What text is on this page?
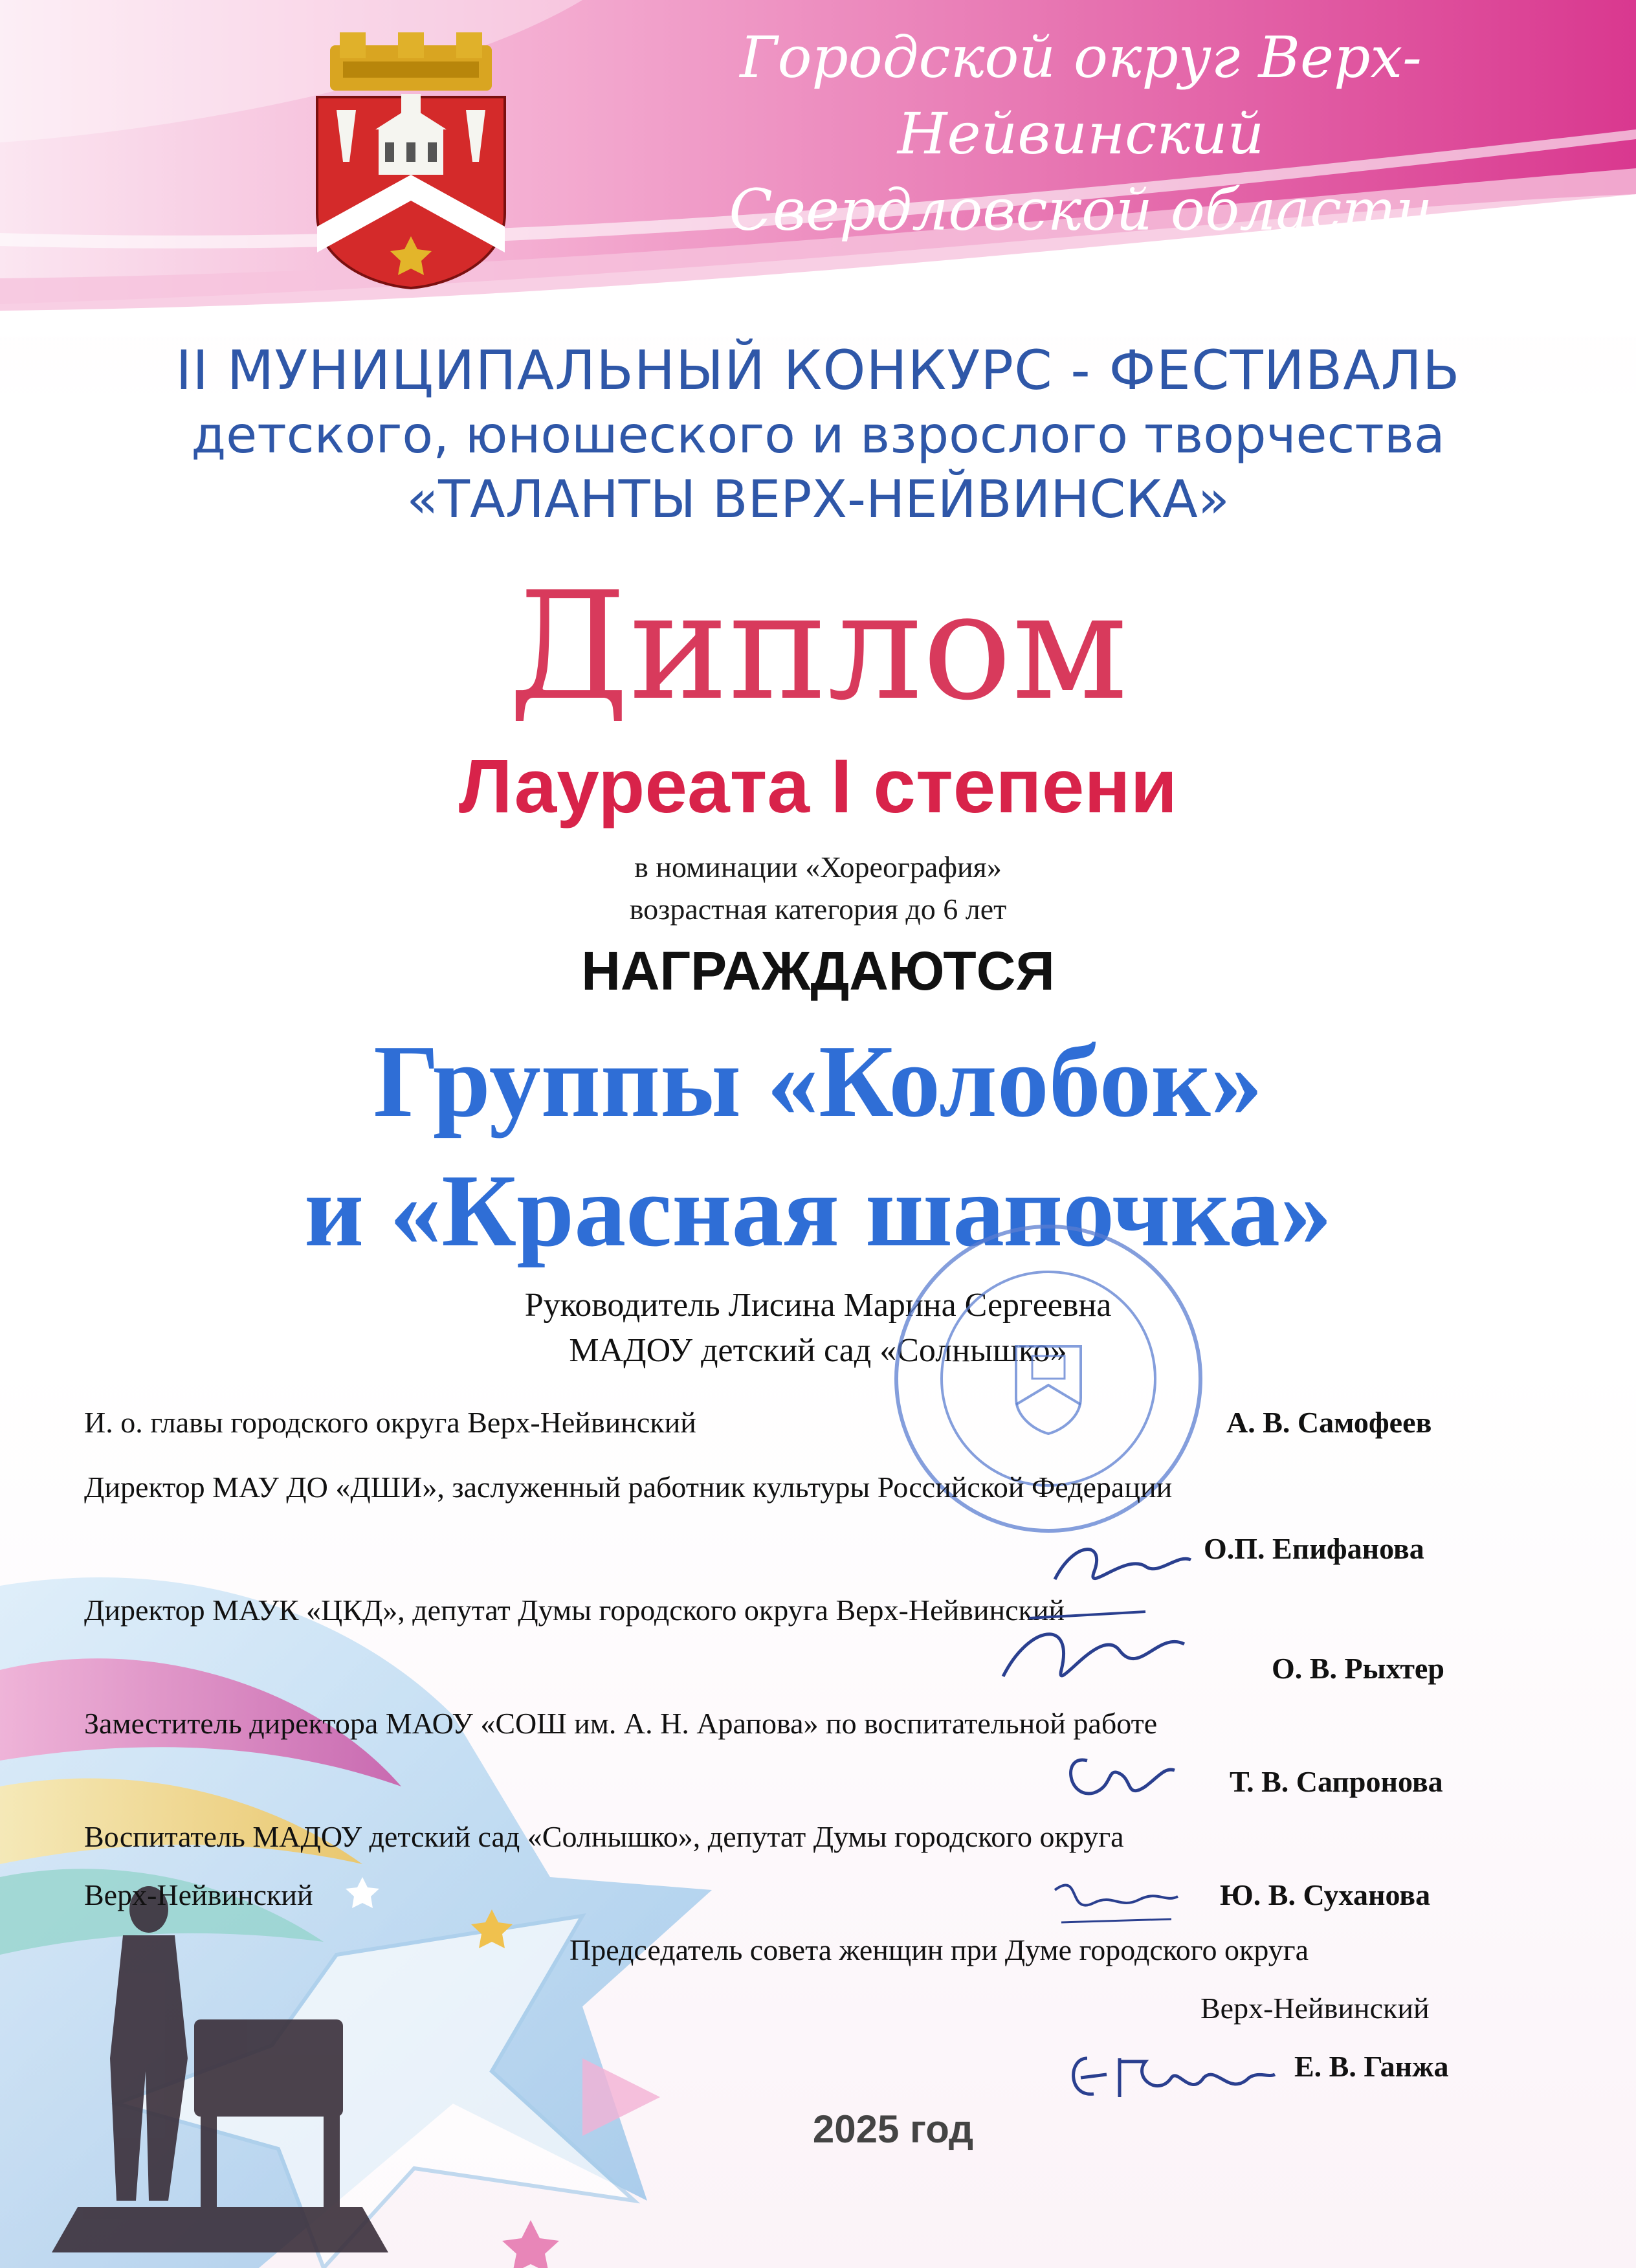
Городской округ Верх-Нейвинский
Свердловской области
II МУНИЦИПАЛЬНЫЙ КОНКУРС - ФЕСТИВАЛЬ
детского, юношеского и взрослого творчества
«ТАЛАНТЫ ВЕРХ-НЕЙВИНСКА»
Диплом
Лауреата I степени
в номинации «Хореография»
возрастная категория до 6 лет
НАГРАЖДАЮТСЯ
Группы «Колобок»
и «Красная шапочка»
Руководитель Лисина Марина Сергеевна
МАДОУ детский сад «Солнышко»
И. о. главы городского округа Верх-Нейвинский	А. В. Самофеев
Директор МАУ ДО «ДШИ», заслуженный работник культуры Российской Федерации
О.П. Епифанова
Директор МАУК «ЦКД», депутат Думы городского округа Верх-Нейвинский
О. В. Рыхтер
Заместитель директора МАОУ «СОШ им. А. Н. Арапова» по воспитательной работе
Т. В. Сапронова
Воспитатель МАДОУ детский сад «Солнышко», депутат Думы городского округа
Верх-Нейвинский	Ю. В. Суханова
Председатель совета женщин при Думе городского округа
Верх-Нейвинский
Е. В. Ганжа
2025 год
